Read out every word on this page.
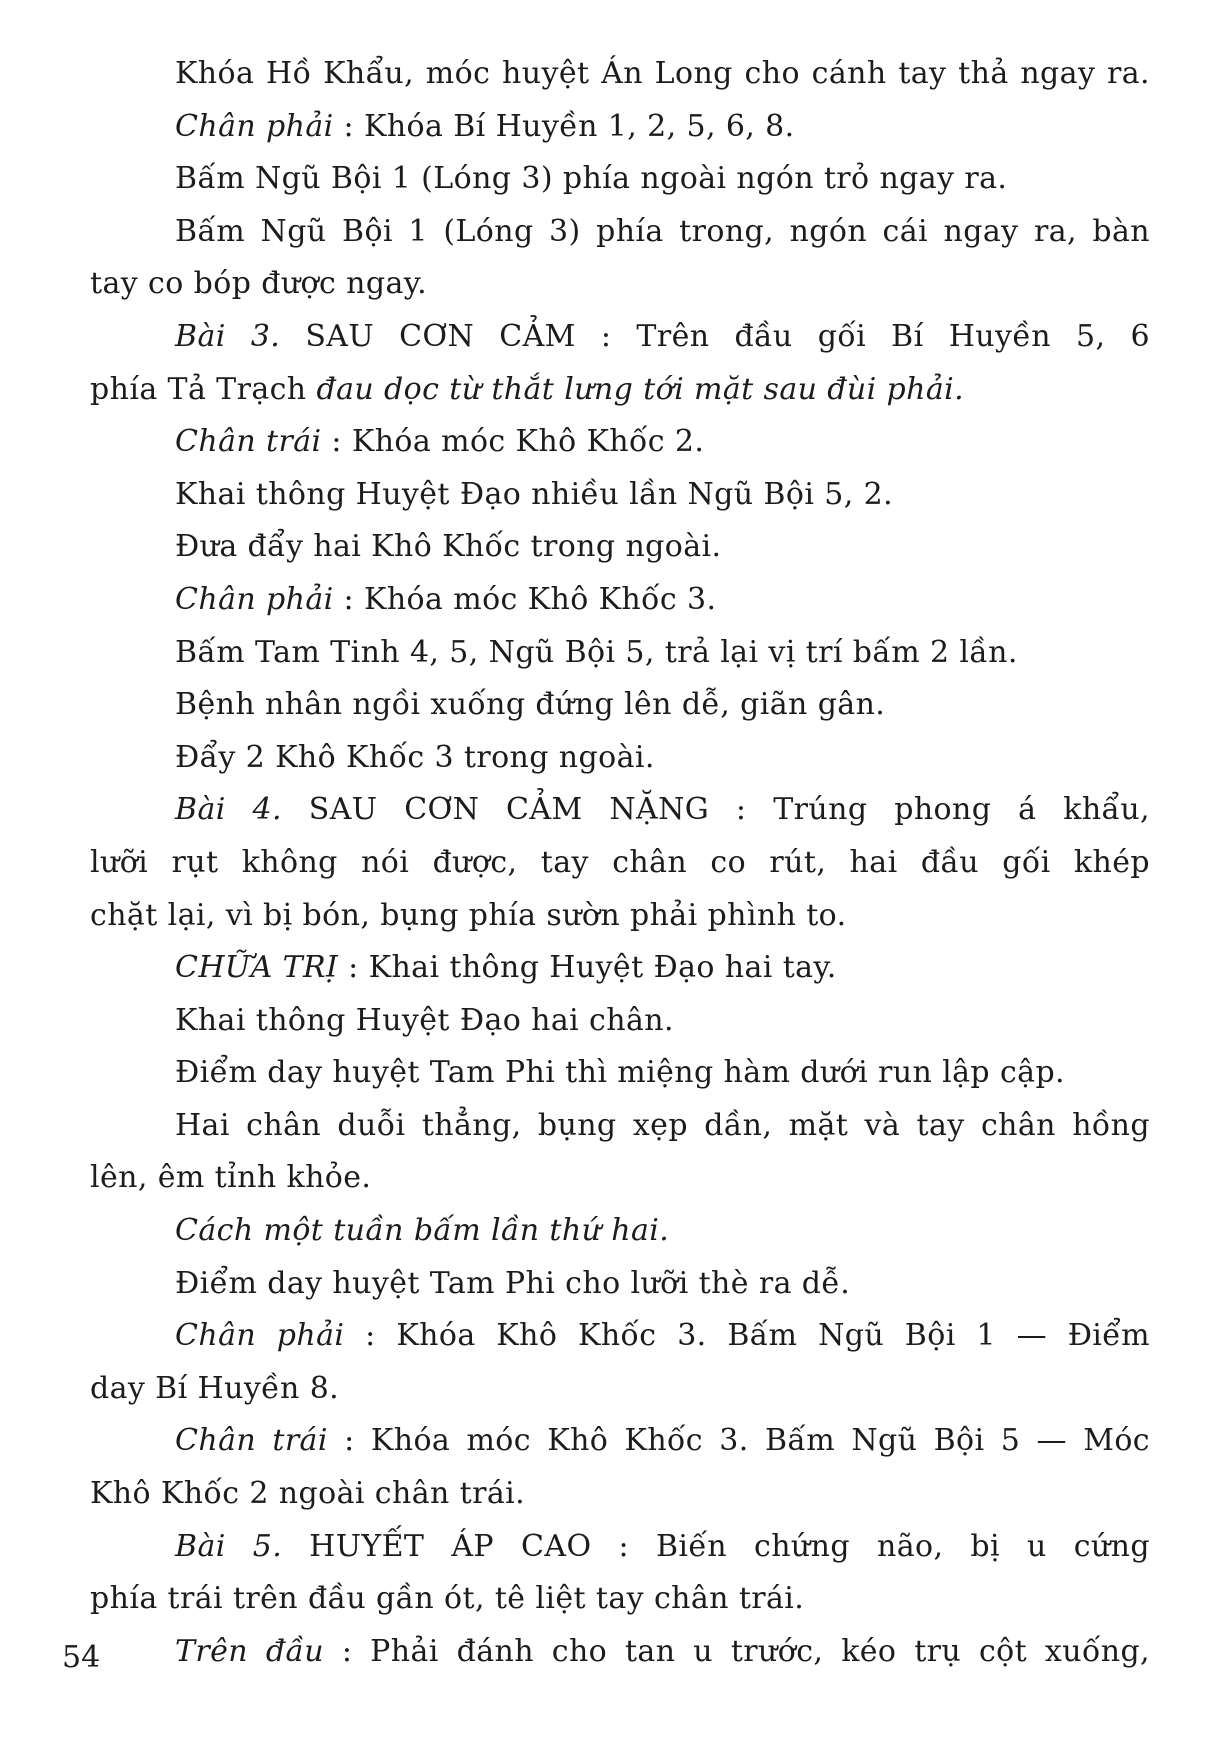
Khóa Hồ Khẩu, móc huyệt Án Long cho cánh tay thả ngay ra.
Chân phải : Khóa Bí Huyền 1, 2, 5, 6, 8.
Bấm Ngũ Bội 1 (Lóng 3) phía ngoài ngón trỏ ngay ra.
Bấm Ngũ Bội 1 (Lóng 3) phía trong, ngón cái ngay ra, bàn
tay co bóp được ngay.
Bài 3. SAU CƠN CẢM : Trên đầu gối Bí Huyền 5, 6
phía Tả Trạch đau dọc từ thắt lưng tới mặt sau đùi phải.
Chân trái : Khóa móc Khô Khốc 2.
Khai thông Huyệt Đạo nhiều lần Ngũ Bội 5, 2.
Đưa đẩy hai Khô Khốc trong ngoài.
Chân phải : Khóa móc Khô Khốc 3.
Bấm Tam Tinh 4, 5, Ngũ Bội 5, trả lại vị trí bấm 2 lần.
Bệnh nhân ngồi xuống đứng lên dễ, giãn gân.
Đẩy 2 Khô Khốc 3 trong ngoài.
Bài 4. SAU CƠN CẢM NẶNG : Trúng phong á khẩu,
lưỡi rụt không nói được, tay chân co rút, hai đầu gối khép
chặt lại, vì bị bón, bụng phía sườn phải phình to.
CHỮA TRỊ : Khai thông Huyệt Đạo hai tay.
Khai thông Huyệt Đạo hai chân.
Điểm day huyệt Tam Phi thì miệng hàm dưới run lập cập.
Hai chân duỗi thẳng, bụng xẹp dần, mặt và tay chân hồng
lên, êm tỉnh khỏe.
Cách một tuần bấm lần thứ hai.
Điểm day huyệt Tam Phi cho lưỡi thè ra dễ.
Chân phải : Khóa Khô Khốc 3. Bấm Ngũ Bội 1 — Điểm
day Bí Huyền 8.
Chân trái : Khóa móc Khô Khốc 3. Bấm Ngũ Bội 5 — Móc
Khô Khốc 2 ngoài chân trái.
Bài 5. HUYẾT ÁP CAO : Biến chứng não, bị u cứng
phía trái trên đầu gần ót, tê liệt tay chân trái.
Trên đầu : Phải đánh cho tan u trước, kéo trụ cột xuống,
54
